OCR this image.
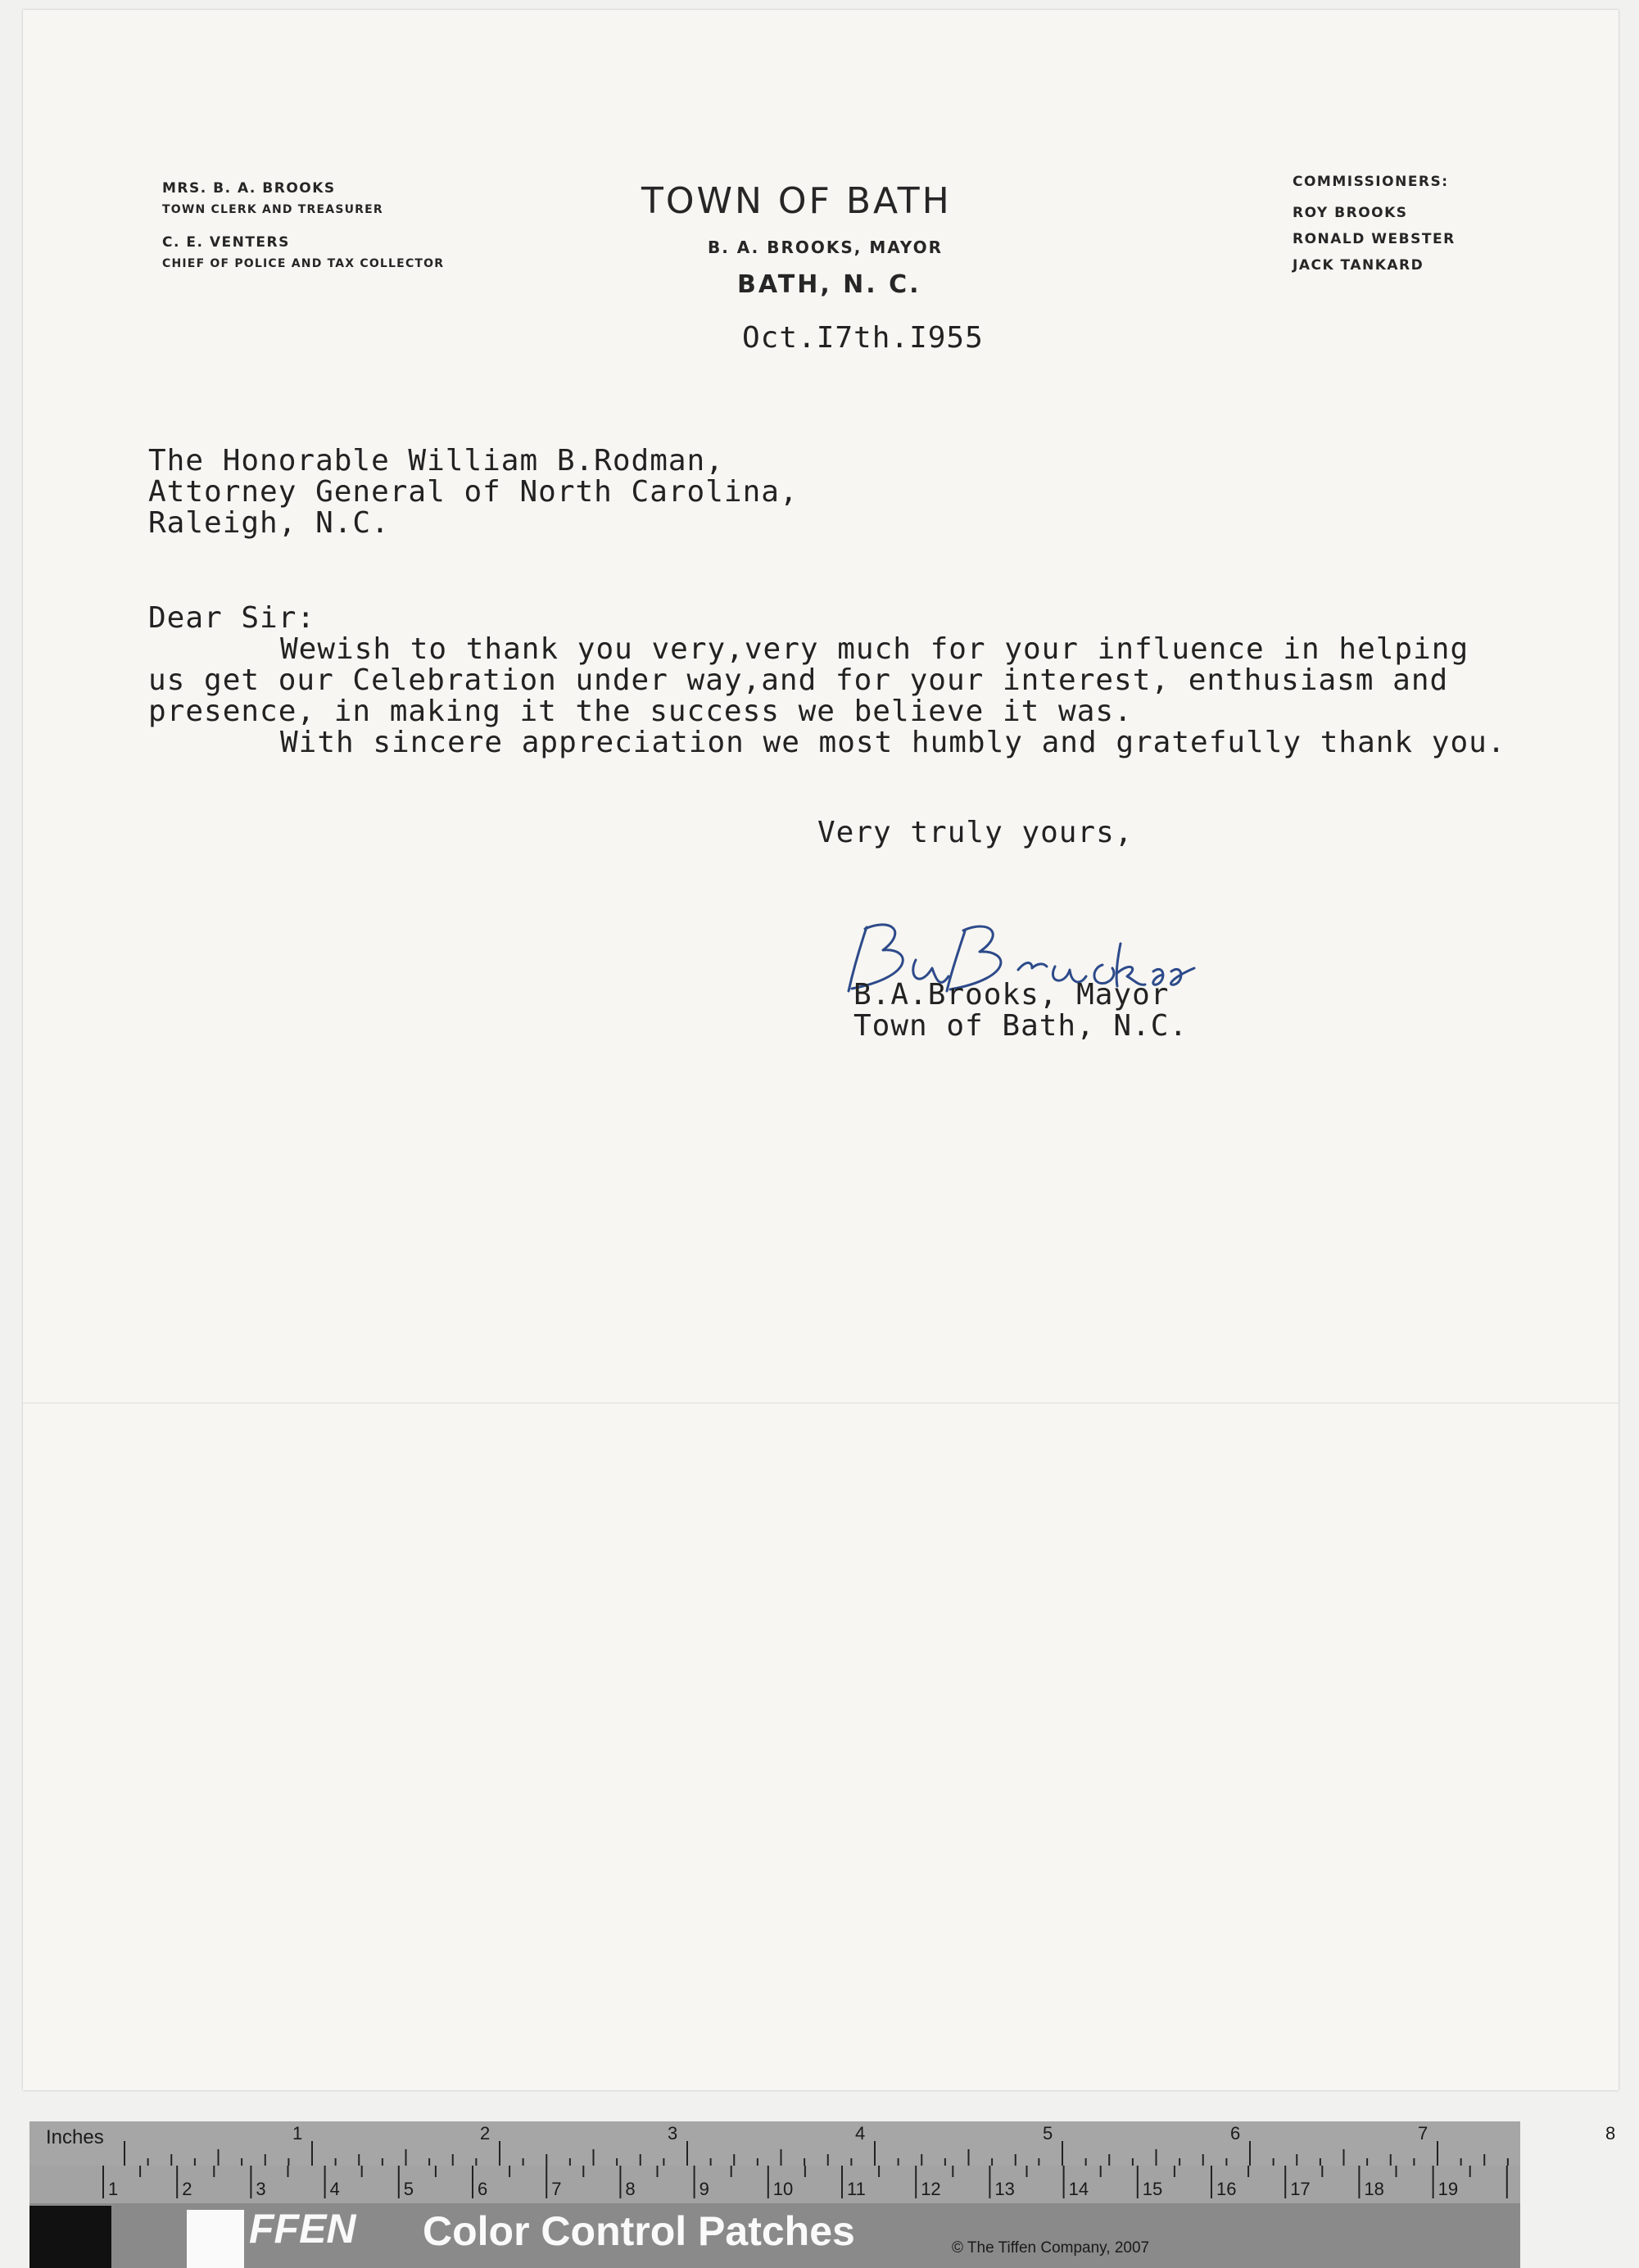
MRS. B. A. BROOKS
TOWN CLERK AND TREASURER
C. E. VENTERS
CHIEF OF POLICE AND TAX COLLECTOR
TOWN OF BATH
B. A. BROOKS, MAYOR
BATH, N. C.
COMMISSIONERS:
ROY BROOKS
RONALD WEBSTER
JACK TANKARD
Oct.I7th.I955
The Honorable William B.Rodman,
Attorney General of North Carolina,
Raleigh, N.C.
Dear Sir:
Wewish to thank you very,very much for your influence in helping
us get our Celebration under way,and for your interest, enthusiasm and
presence, in making it the success we believe it was.
With sincere appreciation we most humbly and gratefully thank you.
Very truly yours,
B.A.Brooks, Mayor
Town of Bath, N.C.
1	2	3	4	5	6	7	8
Inches
1	2	3	4	5	6	7	8	9	10	11	12	13	14	15	16	17	18	19
FFEN Color Control Patches	© The Tiffen Company, 2007
